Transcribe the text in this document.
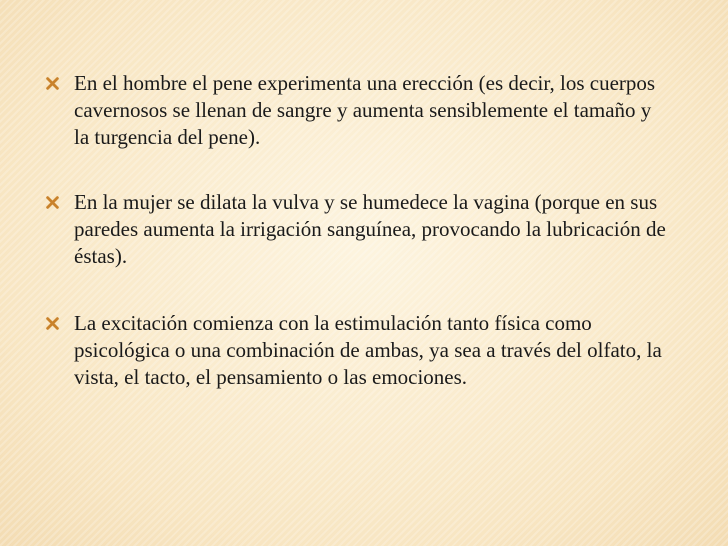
En el hombre el pene experimenta una erección (es decir, los cuerpos cavernosos se llenan de sangre y aumenta sensiblemente el tamaño y la turgencia del pene).
En la mujer se dilata la vulva y se humedece la vagina (porque en sus paredes aumenta la irrigación sanguínea, provocando la lubricación de éstas).
La excitación comienza con la estimulación tanto física como psicológica o una combinación de ambas, ya sea a través del olfato, la vista, el tacto, el pensamiento o las emociones.
